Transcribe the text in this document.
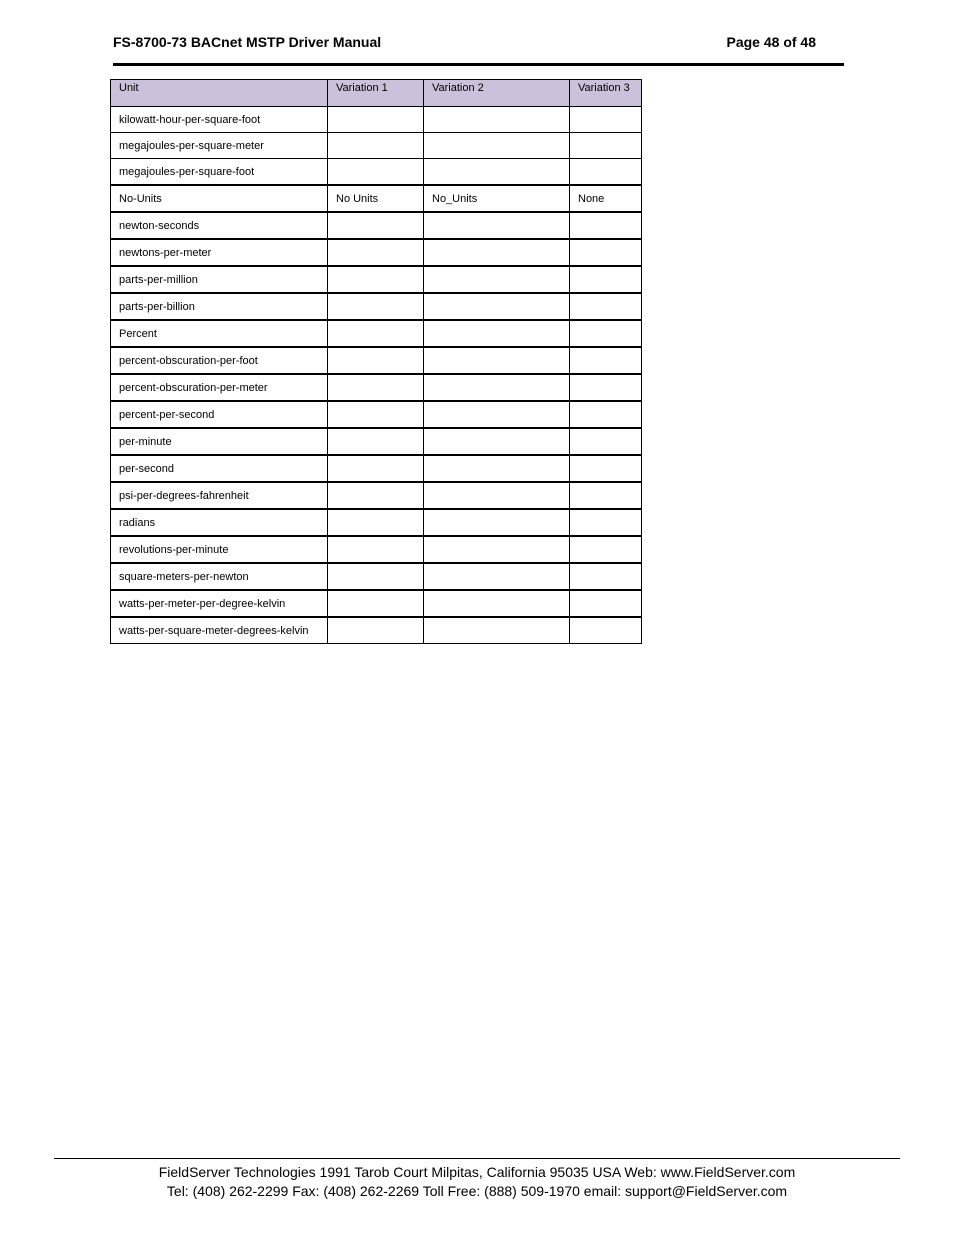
FS-8700-73 BACnet MSTP Driver Manual	Page 48 of 48
Unit	Variation 1	Variation 2	Variation 3
kilowatt-hour-per-square-foot			
megajoules-per-square-meter			
megajoules-per-square-foot			
No-Units	No Units	No_Units	None
newton-seconds			
newtons-per-meter			
parts-per-million			
parts-per-billion			
Percent			
percent-obscuration-per-foot			
percent-obscuration-per-meter			
percent-per-second			
per-minute			
per-second			
psi-per-degrees-fahrenheit			
radians			
revolutions-per-minute			
square-meters-per-newton			
watts-per-meter-per-degree-kelvin			
watts-per-square-meter-degrees-kelvin			
FieldServer Technologies 1991 Tarob Court Milpitas, California 95035 USA Web: www.FieldServer.com
Tel: (408) 262-2299 Fax: (408) 262-2269 Toll Free: (888) 509-1970 email: support@FieldServer.com
